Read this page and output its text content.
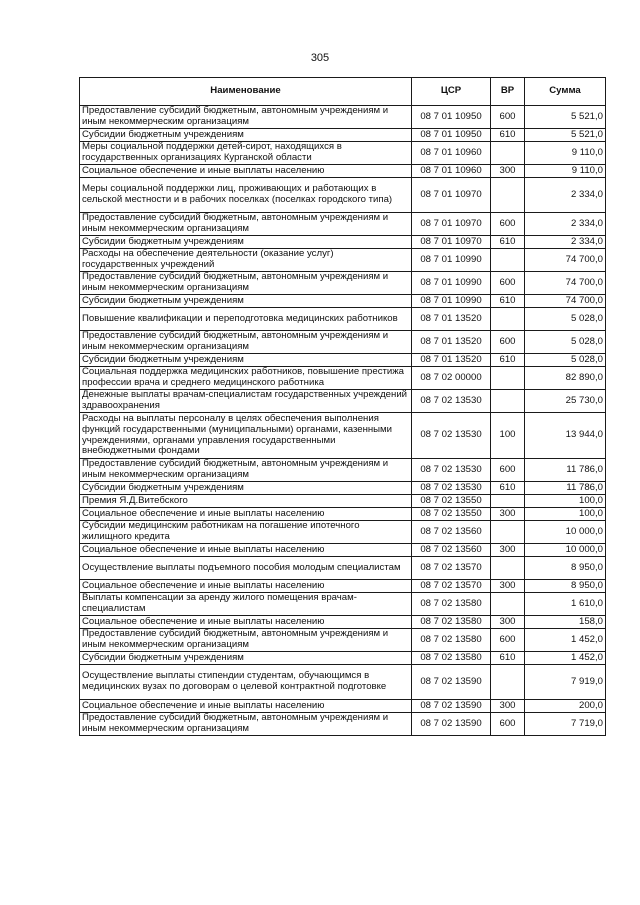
305
Наименование	ЦСР	ВР	Сумма
Предоставление субсидий бюджетным, автономным учреждениям и иным некоммерческим организациям	08 7 01 10950	600	5 521,0
Субсидии бюджетным учреждениям	08 7 01 10950	610	5 521,0
Меры социальной поддержки детей-сирот, находящихся в государственных организациях Курганской области	08 7 01 10960		9 110,0
Социальное обеспечение и иные выплаты населению	08 7 01 10960	300	9 110,0
Меры социальной поддержки лиц, проживающих и работающих в сельской местности и в рабочих поселках (поселках городского типа)	08 7 01 10970		2 334,0
Предоставление субсидий бюджетным, автономным учреждениям и иным некоммерческим организациям	08 7 01 10970	600	2 334,0
Субсидии бюджетным учреждениям	08 7 01 10970	610	2 334,0
Расходы на обеспечение деятельности (оказание услуг) государственных учреждений	08 7 01 10990		74 700,0
Предоставление субсидий бюджетным, автономным учреждениям и иным некоммерческим организациям	08 7 01 10990	600	74 700,0
Субсидии бюджетным учреждениям	08 7 01 10990	610	74 700,0
Повышение квалификации и переподготовка медицинских работников	08 7 01 13520		5 028,0
Предоставление субсидий бюджетным, автономным учреждениям и иным некоммерческим организациям	08 7 01 13520	600	5 028,0
Субсидии бюджетным учреждениям	08 7 01 13520	610	5 028,0
Социальная поддержка медицинских работников, повышение престижа профессии врача и среднего медицинского работника	08 7 02 00000		82 890,0
Денежные выплаты врачам-специалистам государственных учреждений здравоохранения	08 7 02 13530		25 730,0
Расходы на выплаты персоналу в целях обеспечения выполнения функций государственными (муниципальными) органами, казенными учреждениями, органами управления государственными внебюджетными фондами	08 7 02 13530	100	13 944,0
Предоставление субсидий бюджетным, автономным учреждениям и иным некоммерческим организациям	08 7 02 13530	600	11 786,0
Субсидии бюджетным учреждениям	08 7 02 13530	610	11 786,0
Премия Я.Д.Витебского	08 7 02 13550		100,0
Социальное обеспечение и иные выплаты населению	08 7 02 13550	300	100,0
Субсидии медицинским работникам на погашение ипотечного жилищного кредита	08 7 02 13560		10 000,0
Социальное обеспечение и иные выплаты населению	08 7 02 13560	300	10 000,0
Осуществление выплаты подъемного пособия молодым специалистам	08 7 02 13570		8 950,0
Социальное обеспечение и иные выплаты населению	08 7 02 13570	300	8 950,0
Выплаты компенсации за аренду жилого помещения врачам-специалистам	08 7 02 13580		1 610,0
Социальное обеспечение и иные выплаты населению	08 7 02 13580	300	158,0
Предоставление субсидий бюджетным, автономным учреждениям и иным некоммерческим организациям	08 7 02 13580	600	1 452,0
Субсидии бюджетным учреждениям	08 7 02 13580	610	1 452,0
Осуществление выплаты стипендии студентам, обучающимся в медицинских вузах по договорам о целевой контрактной подготовке	08 7 02 13590		7 919,0
Социальное обеспечение и иные выплаты населению	08 7 02 13590	300	200,0
Предоставление субсидий бюджетным, автономным учреждениям и иным некоммерческим организациям	08 7 02 13590	600	7 719,0
